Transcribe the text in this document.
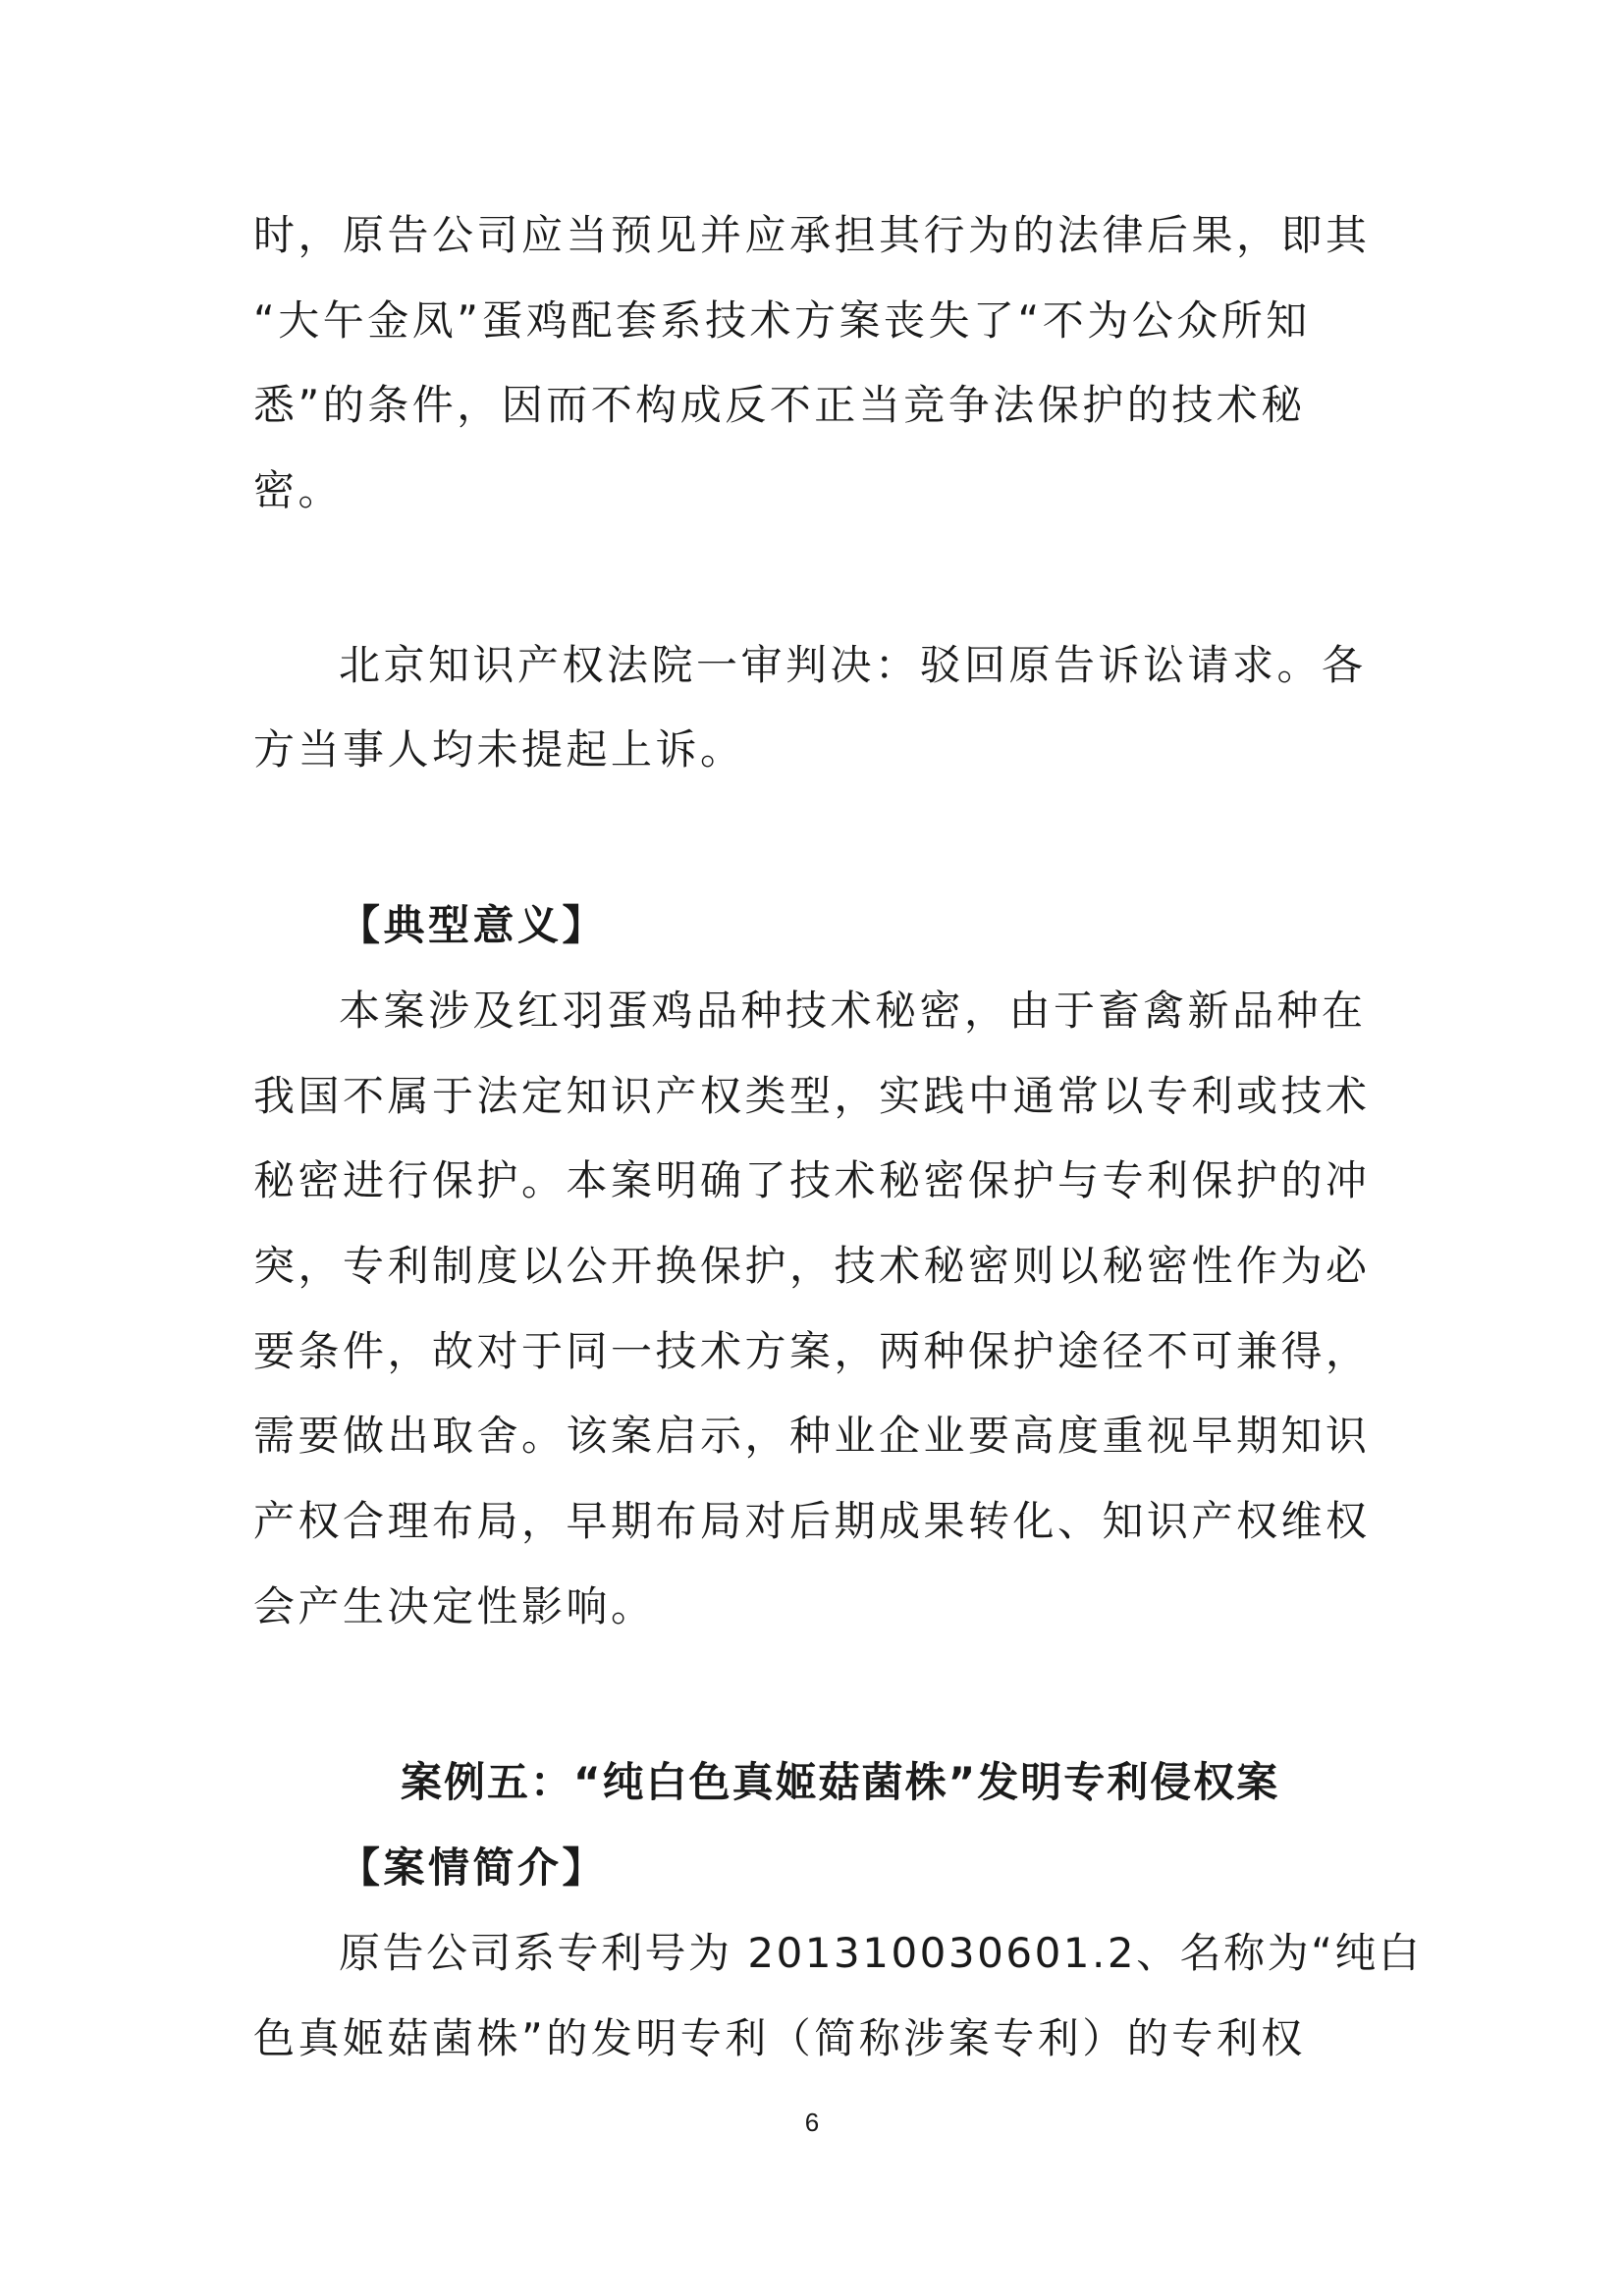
时，原告公司应当预见并应承担其行为的法律后果，即其

“大午金凤”蛋鸡配套系技术方案丧失了“不为公众所知

悉”的条件，因而不构成反不正当竞争法保护的技术秘

密。

北京知识产权法院一审判决：驳回原告诉讼请求。各

方当事人均未提起上诉。

【典型意义】

本案涉及红羽蛋鸡品种技术秘密，由于畜禽新品种在

我国不属于法定知识产权类型，实践中通常以专利或技术

秘密进行保护。本案明确了技术秘密保护与专利保护的冲

突，专利制度以公开换保护，技术秘密则以秘密性作为必

要条件，故对于同一技术方案，两种保护途径不可兼得，

需要做出取舍。该案启示，种业企业要高度重视早期知识

产权合理布局，早期布局对后期成果转化、知识产权维权

会产生决定性影响。

案例五：“纯白色真姬菇菌株”发明专利侵权案

【案情简介】

原告公司系专利号为 201310030601.2、名称为“纯白

色真姬菇菌株”的发明专利（简称涉案专利）的专利权

6
